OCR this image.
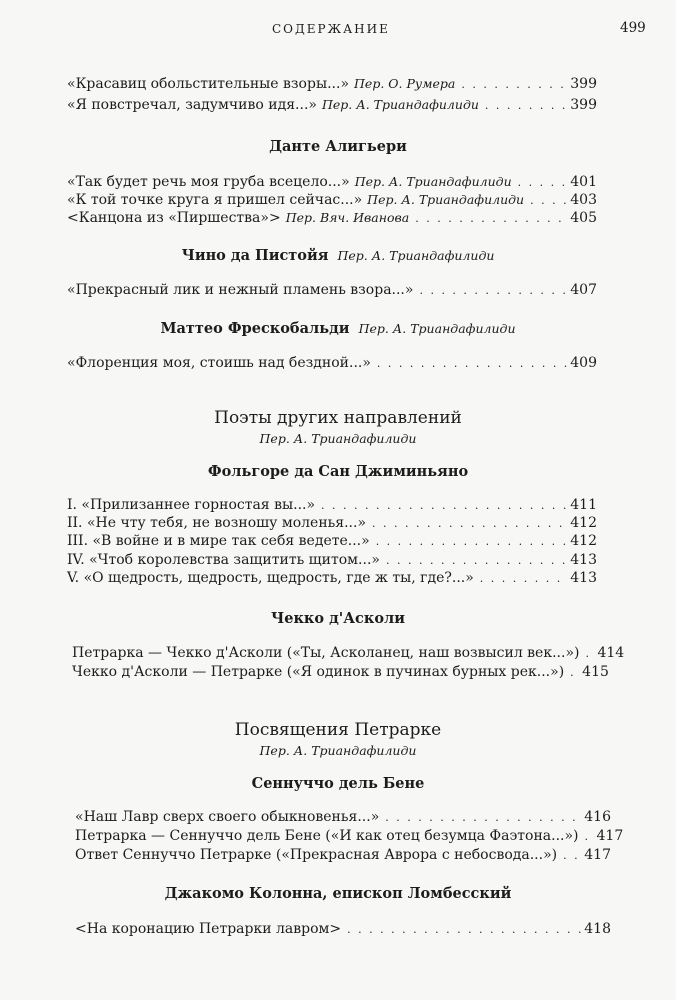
СОДЕРЖАНИЕ	499
«Красавиц обольстительные взоры...» Пер. О. Румера . . .	399
«Я повстречал, задумчиво идя...» Пер. А. Триандафилиди . . .	399
Данте Алигьери
«Так будет речь моя груба всецело...» Пер. А. Триандафилиди . . .	401
«К той точке круга я пришел сейчас...» Пер. А. Триандафилиди . . .	403
<Канцона из «Пиршества»> Пер. Вяч. Иванова . . .	405
Чино да Пистойя Пер. А. Триандафилиди
«Прекрасный лик и нежный пламень взора...» . . .	407
Маттео Фрескобальди Пер. А. Триандафилиди
«Флоренция моя, стоишь над бездной...» . . .	409
Поэты других направлений
Пер. А. Триандафилиди
Фольгоре да Сан Джиминьяно
I. «Прилизаннее горностая вы...» . . .	411
II. «Не чту тебя, не возношу моленья...» . . .	412
III. «В войне и в мире так себя ведете...» . . .	412
IV. «Чтоб королевства защитить щитом...» . . .	413
V. «О щедрость, щедрость, щедрость, где ж ты, где?...» . . .	413
Чекко д'Асколи
Петрарка — Чекко д'Асколи («Ты, Асколанец, наш возвысил век...») . . . 414
Чекко д'Асколи — Петрарке («Я одинок в пучинах бурных рек...») . . . 415
Посвящения Петрарке
Пер. А. Триандафилиди
Сеннуччо дель Бене
«Наш Лавр сверх своего обыкновенья...» . . .	416
Петрарка — Сеннуччо дель Бене («И как отец безумца Фаэтона...») . . . 417
Ответ Сеннуччо Петрарке («Прекрасная Аврора с небосвода...») . . . 417
Джакомо Колонна, епископ Ломбесский
<На коронацию Петрарки лавром> . . .	418
